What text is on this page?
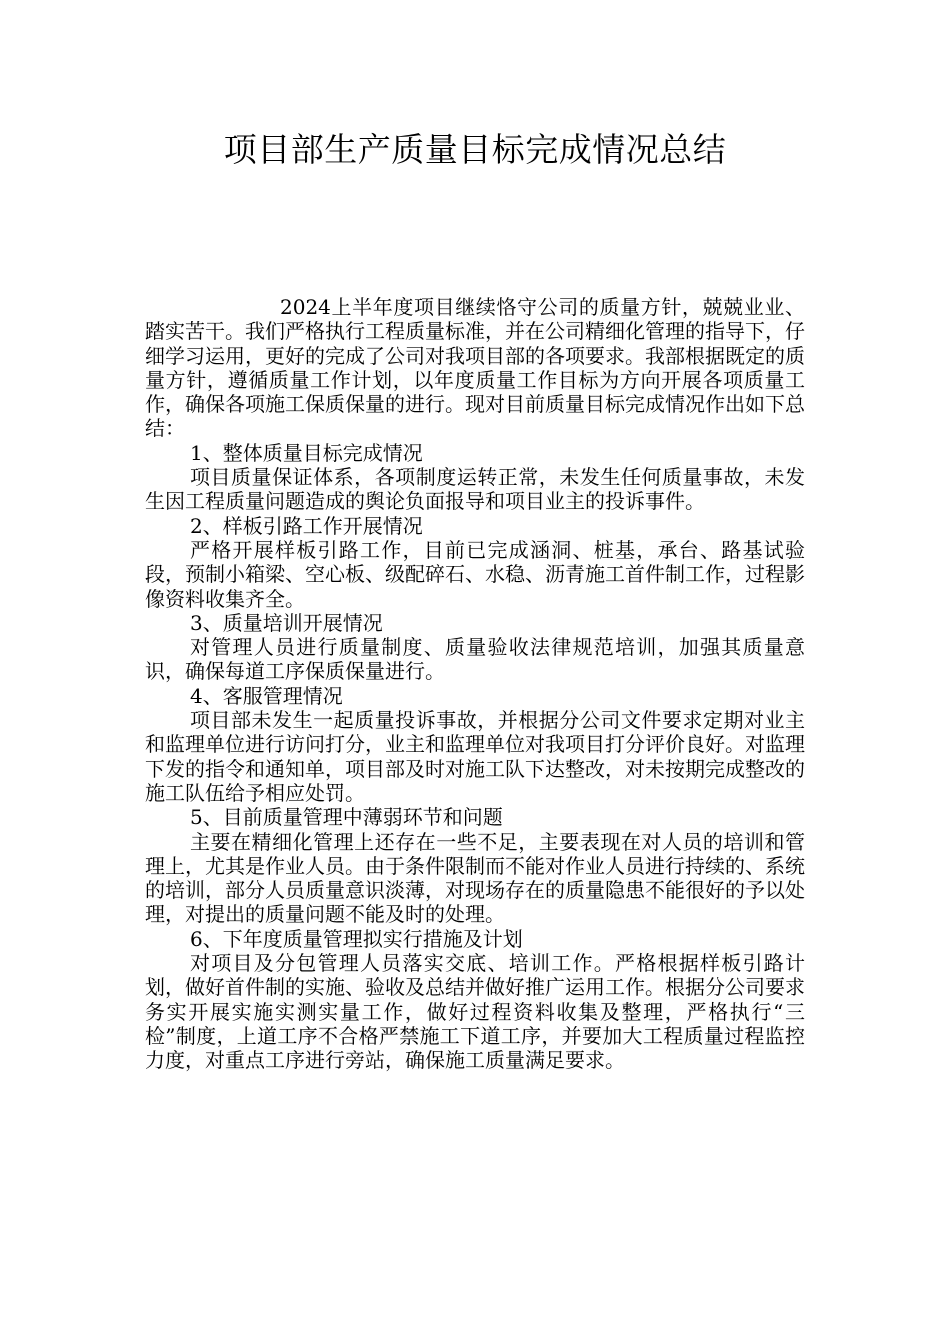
项目部生产质量目标完成情况总结

2024上半年度项目继续恪守公司的质量方针，兢兢业业、踏实苦干。我们严格执行工程质量标准，并在公司精细化管理的指导下，仔细学习运用，更好的完成了公司对我项目部的各项要求。我部根据既定的质量方针，遵循质量工作计划，以年度质量工作目标为方向开展各项质量工作，确保各项施工保质保量的进行。现对目前质量目标完成情况作出如下总结：

1、整体质量目标完成情况

项目质量保证体系，各项制度运转正常，未发生任何质量事故，未发生因工程质量问题造成的舆论负面报导和项目业主的投诉事件。

2、样板引路工作开展情况

严格开展样板引路工作，目前已完成涵洞、桩基，承台、路基试验段，预制小箱梁、空心板、级配碎石、水稳、沥青施工首件制工作，过程影像资料收集齐全。

3、质量培训开展情况

对管理人员进行质量制度、质量验收法律规范培训，加强其质量意识，确保每道工序保质保量进行。

4、客服管理情况

项目部未发生一起质量投诉事故，并根据分公司文件要求定期对业主和监理单位进行访问打分，业主和监理单位对我项目打分评价良好。对监理下发的指令和通知单，项目部及时对施工队下达整改，对未按期完成整改的施工队伍给予相应处罚。

5、目前质量管理中薄弱环节和问题

主要在精细化管理上还存在一些不足，主要表现在对人员的培训和管理上，尤其是作业人员。由于条件限制而不能对作业人员进行持续的、系统的培训，部分人员质量意识淡薄，对现场存在的质量隐患不能很好的予以处理，对提出的质量问题不能及时的处理。

6、下年度质量管理拟实行措施及计划

对项目及分包管理人员落实交底、培训工作。严格根据样板引路计划，做好首件制的实施、验收及总结并做好推广运用工作。根据分公司要求务实开展实施实测实量工作，做好过程资料收集及整理，严格执行“三检”制度，上道工序不合格严禁施工下道工序，并要加大工程质量过程监控力度，对重点工序进行旁站，确保施工质量满足要求。
